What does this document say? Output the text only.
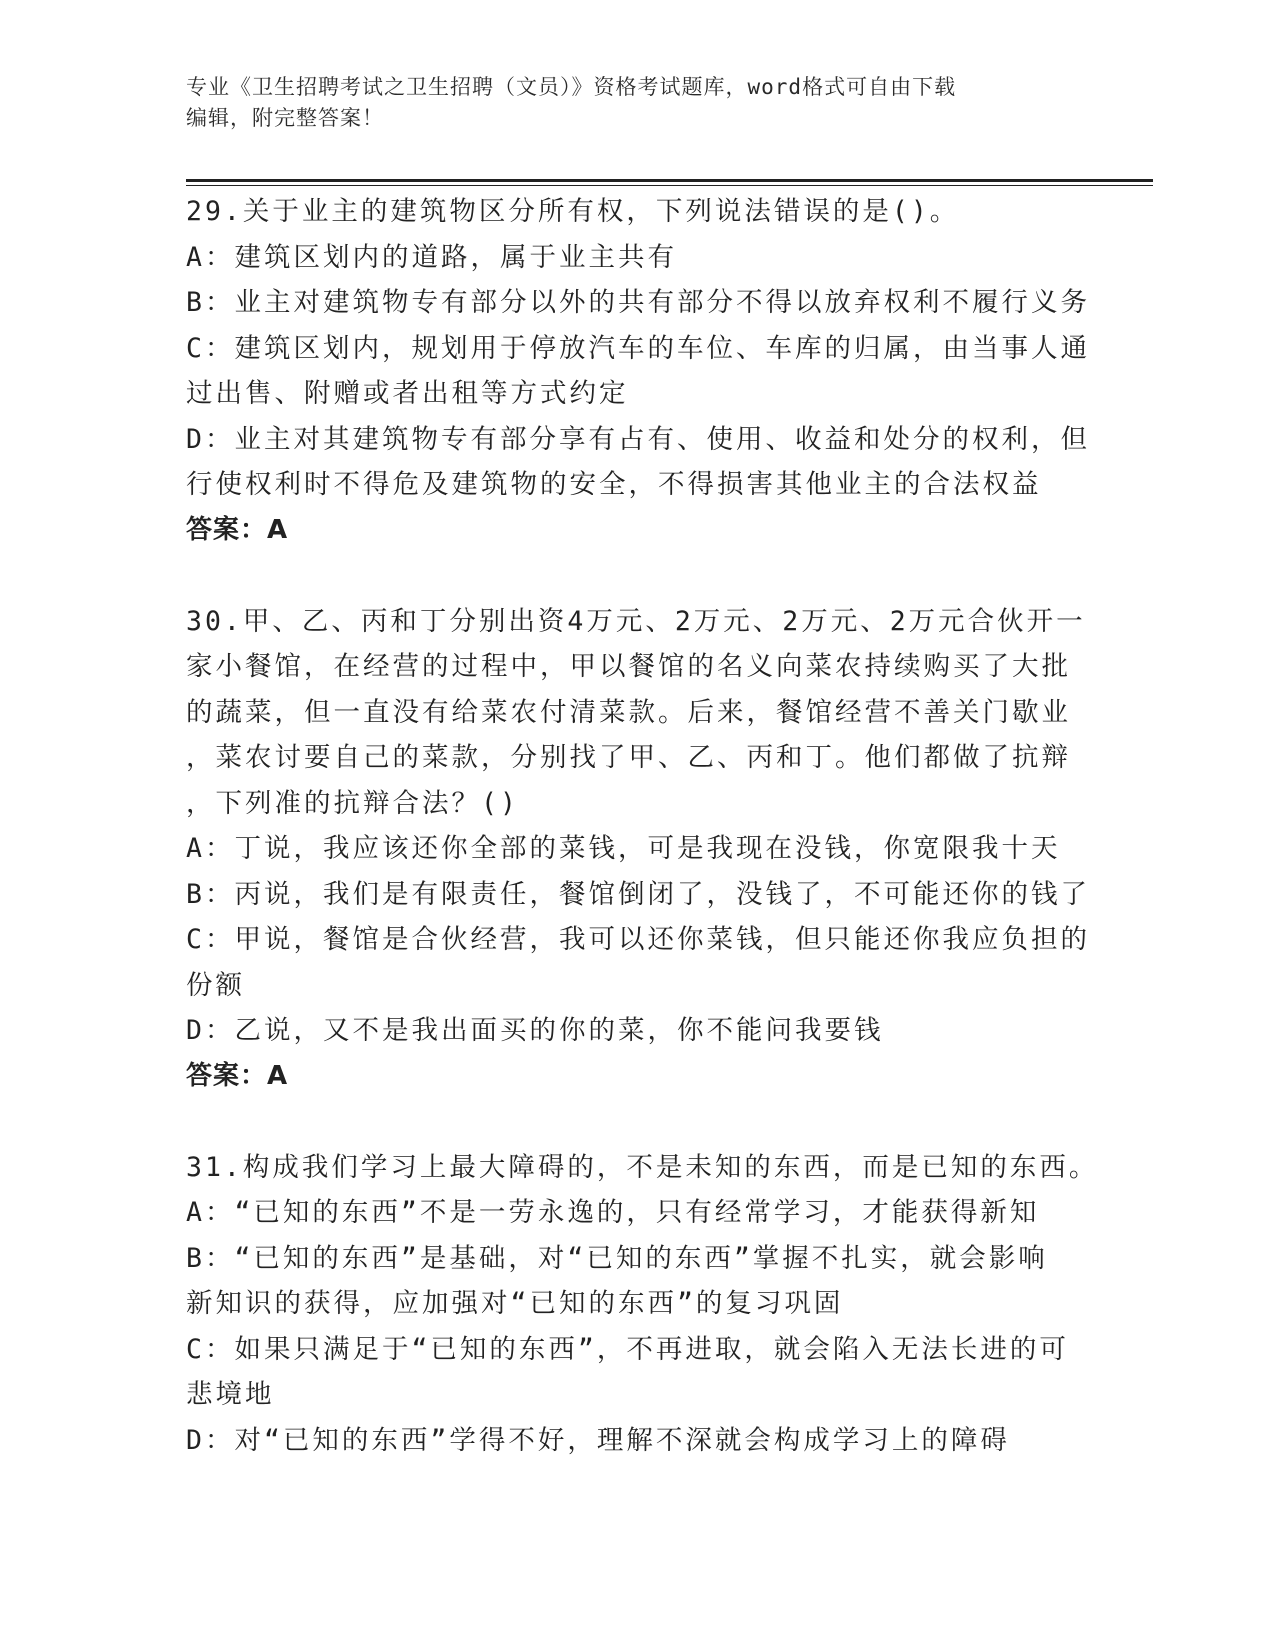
专业《卫生招聘考试之卫生招聘（文员）》资格考试题库，word格式可自由下载
编辑，附完整答案！
29.关于业主的建筑物区分所有权，下列说法错误的是()。
A：建筑区划内的道路，属于业主共有
B：业主对建筑物专有部分以外的共有部分不得以放弃权利不履行义务
C：建筑区划内，规划用于停放汽车的车位、车库的归属，由当事人通
过出售、附赠或者出租等方式约定
D：业主对其建筑物专有部分享有占有、使用、收益和处分的权利，但
行使权利时不得危及建筑物的安全，不得损害其他业主的合法权益
答案：A
30.甲、乙、丙和丁分别出资4万元、2万元、2万元、2万元合伙开一
家小餐馆，在经营的过程中，甲以餐馆的名义向菜农持续购买了大批
的蔬菜，但一直没有给菜农付清菜款。后来，餐馆经营不善关门歇业
，菜农讨要自己的菜款，分别找了甲、乙、丙和丁。他们都做了抗辩
，下列准的抗辩合法？()
A：丁说，我应该还你全部的菜钱，可是我现在没钱，你宽限我十天
B：丙说，我们是有限责任，餐馆倒闭了，没钱了，不可能还你的钱了
C：甲说，餐馆是合伙经营，我可以还你菜钱，但只能还你我应负担的
份额
D：乙说，又不是我出面买的你的菜，你不能问我要钱
答案：A
31.构成我们学习上最大障碍的，不是未知的东西，而是已知的东西。
A：“已知的东西”不是一劳永逸的，只有经常学习，才能获得新知
B：“已知的东西”是基础，对“已知的东西”掌握不扎实，就会影响
新知识的获得，应加强对“已知的东西”的复习巩固
C：如果只满足于“已知的东西”，不再进取，就会陷入无法长进的可
悲境地
D：对“已知的东西”学得不好，理解不深就会构成学习上的障碍
